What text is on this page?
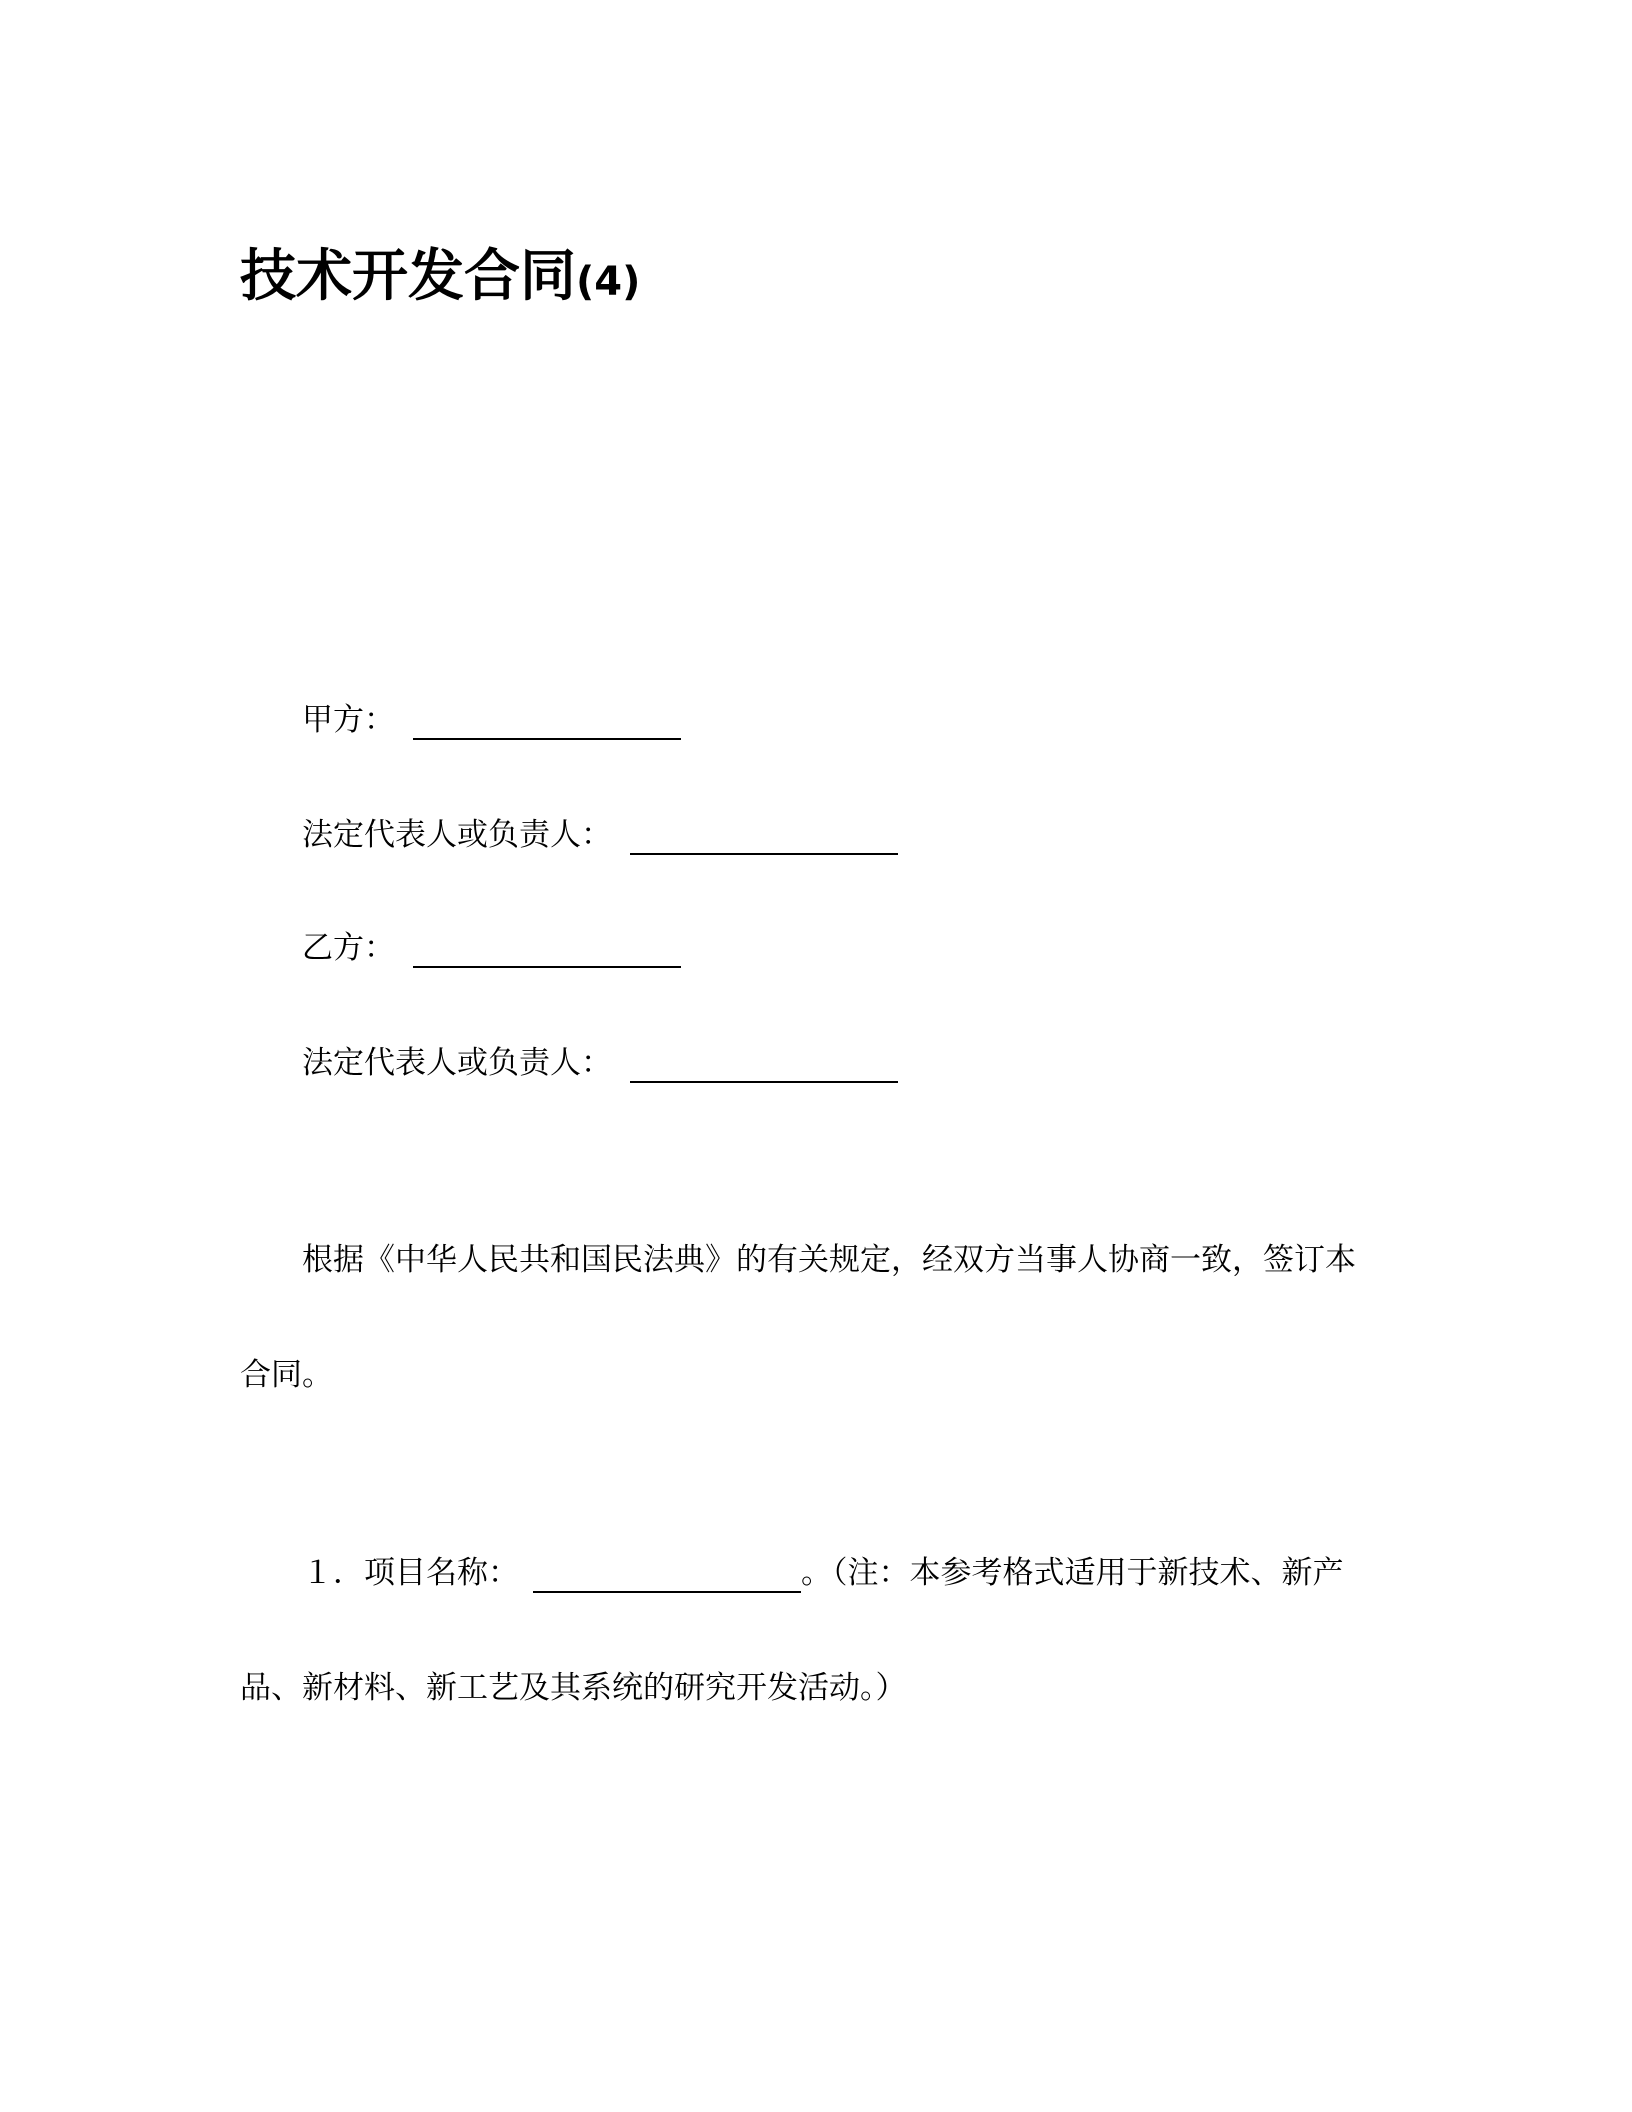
技术开发合同(4)
甲方：
法定代表人或负责人：
乙方：
法定代表人或负责人：
根据《中华人民共和国民法典》的有关规定，经双方当事人协商一致，签订本
合同。
１．项目名称：	。（注：本参考格式适用于新技术、新产
品、新材料、新工艺及其系统的研究开发活动。）
